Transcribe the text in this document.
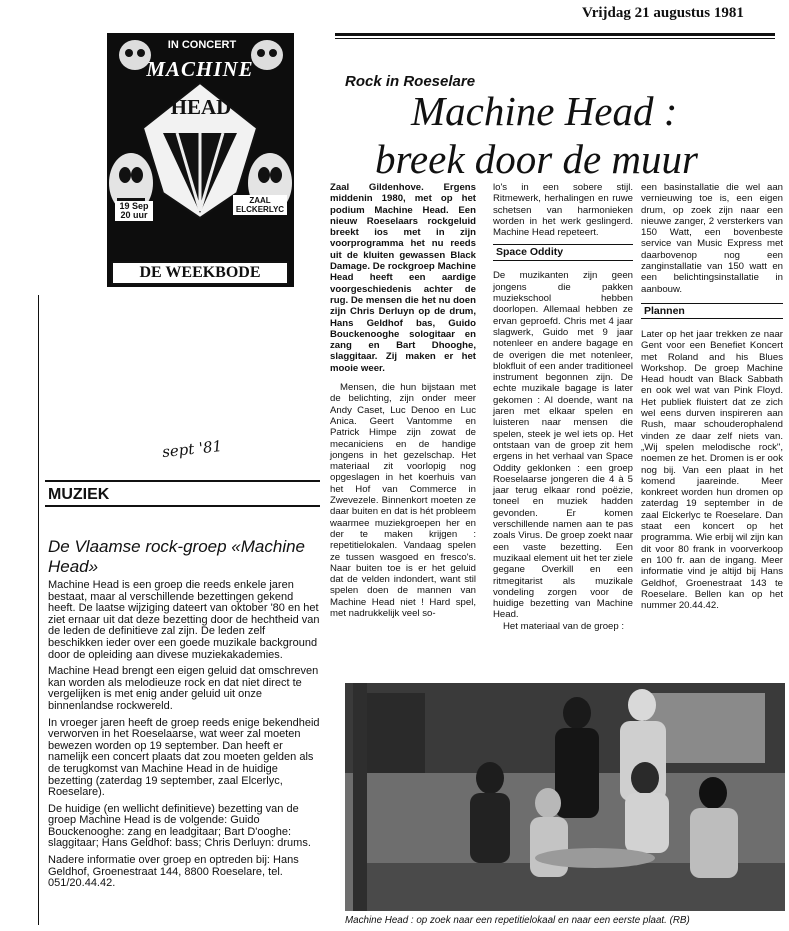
Vrijdag 21 augustus 1981
IN CONCERT
MACHINE
HEAD
19 Sep 20 uur
ZAAL ELCKERLYC
DE WEEKBODE
Rock in Roeselare
Machine Head :
breek door de muur

Zaal Gildenhove. Ergens middenin 1980, met op het podium Machine Head. Een nieuw Roeselaars rockgeluid breekt ios met in zijn voorprogramma het nu reeds uit de kluiten gewassen Black Damage. De rockgroep Machine Head heeft een aardige voorgeschiedenis achter de rug. De mensen die het nu doen zijn Chris Derluyn op de drum, Hans Geldhof bas, Guido Bouckenooghe sologitaar en zang en Bart Dhooghe, slaggitaar. Zij maken er het mooie weer.

Mensen, die hun bijstaan met de belichting, zijn onder meer Andy Caset, Luc Denoo en Luc Anica. Geert Vantomme en Patrick Himpe zijn zowat de mecaniciens en de handige jongens in het gezelschap. Het materiaal zit voorlopig nog opgeslagen in het koerhuis van het Hof van Commerce in Zwevezele. Binnenkort moeten ze daar buiten en dat is hét probleem waarmee muziekgroepen her en der te maken krijgen : repetitielokalen. Vandaag spelen ze tussen wasgoed en fresco's. Naar buiten toe is er het geluid dat de velden indondert, want stil spelen doen de mannen van Machine Head niet ! Hard spel, met nadrukkelijk veel so-

lo's in een sobere stijl. Ritmewerk, herhalingen en ruwe schetsen van harmonieken worden in het werk geslingerd. Machine Head repeteert.

Space Oddity

De muzikanten zijn geen jongens die pakken muziekschool hebben doorlopen. Allemaal hebben ze ervan geproefd. Chris met 4 jaar slagwerk, Guido met 9 jaar notenleer en andere bagage en de overigen die met notenleer, blokfluit of een ander traditioneel instrument begonnen zijn. De echte muzikale bagage is later gekomen : Al doende, want na jaren met elkaar spelen en luisteren naar mensen die spelen, steek je wel iets op. Het ontstaan van de groep zit hem ergens in het verhaal van Space Oddity geklonken : een groep Roeselaarse jongeren die 4 à 5 jaar terug elkaar rond poëzie, toneel en muziek hadden gevonden. Er komen verschillende namen aan te pas zoals Virus. De groep zoekt naar een vaste bezetting. Een muzikaal element uit het ter ziele gegane Overkill en een ritmegitarist als muzikale vondeling zorgen voor de huidige bezetting van Machine Head.

Het materiaal van de groep :

een basinstallatie die wel aan vernieuwing toe is, een eigen drum, op zoek zijn naar een nieuwe zanger, 2 versterkers van 150 Watt, een bovenbeste service van Music Express met daarbovenop nog een zanginstallatie van 150 watt en een belichtingsinstallatie in aanbouw.

Plannen

Later op het jaar trekken ze naar Gent voor een Benefiet Koncert met Roland and his Blues Workshop. De groep Machine Head houdt van Black Sabbath en ook wel wat van Pink Floyd. Het publiek fluistert dat ze zich wel eens durven inspireren aan Rush, maar schouderophalend vinden ze daar zelf niets van. „Wij spelen melodische rock", noemen ze het. Dromen is er ook nog bij. Van een plaat in het komend jaareinde. Meer konkreet worden hun dromen op zaterdag 19 september in de zaal Elckerlyc te Roeselare. Dan staat een koncert op het programma. Wie erbij wil zijn kan dit voor 80 frank in voorverkoop en 100 fr. aan de ingang. Meer informatie vind je altijd bij Hans Geldhof, Groenestraat 143 te Roeselare. Bellen kan op het nummer 20.44.42.

sept '81
MUZIEK
De Vlaamse rock-groep «Machine Head»

Machine Head is een groep die reeds enkele jaren bestaat, maar al verschillende bezettingen gekend heeft. De laatse wijziging dateert van oktober '80 en het ziet ernaar uit dat deze bezetting door de hechtheid van de leden de definitieve zal zijn. De leden zelf beschikken ieder over een goede muzikale background door de opleiding aan divese muziekakademies.

Machine Head brengt een eigen geluid dat omschreven kan worden als melodieuze rock en dat niet direct te vergelijken is met enig ander geluid uit onze binnenlandse rockwereld.

In vroeger jaren heeft de groep reeds enige bekendheid verworven in het Roeselaarse, wat weer zal moeten bewezen worden op 19 september. Dan heeft er namelijk een concert plaats dat zou moeten gelden als de terugkomst van Machine Head in de huidige bezetting (zaterdag 19 september, zaal Elcerlyc, Roeselare).

De huidige (en wellicht definitieve) bezetting van de groep Machine Head is de volgende: Guido Bouckenooghe: zang en leadgitaar; Bart D'ooghe: slaggitaar; Hans Geldhof: bass; Chris Derluyn: drums.

Nadere informatie over groep en optreden bij: Hans Geldhof, Groenestraat 144, 8800 Roeselare, tel. 051/20.44.42.

Machine Head : op zoek naar een repetitielokaal en naar een eerste plaat. (RB)
